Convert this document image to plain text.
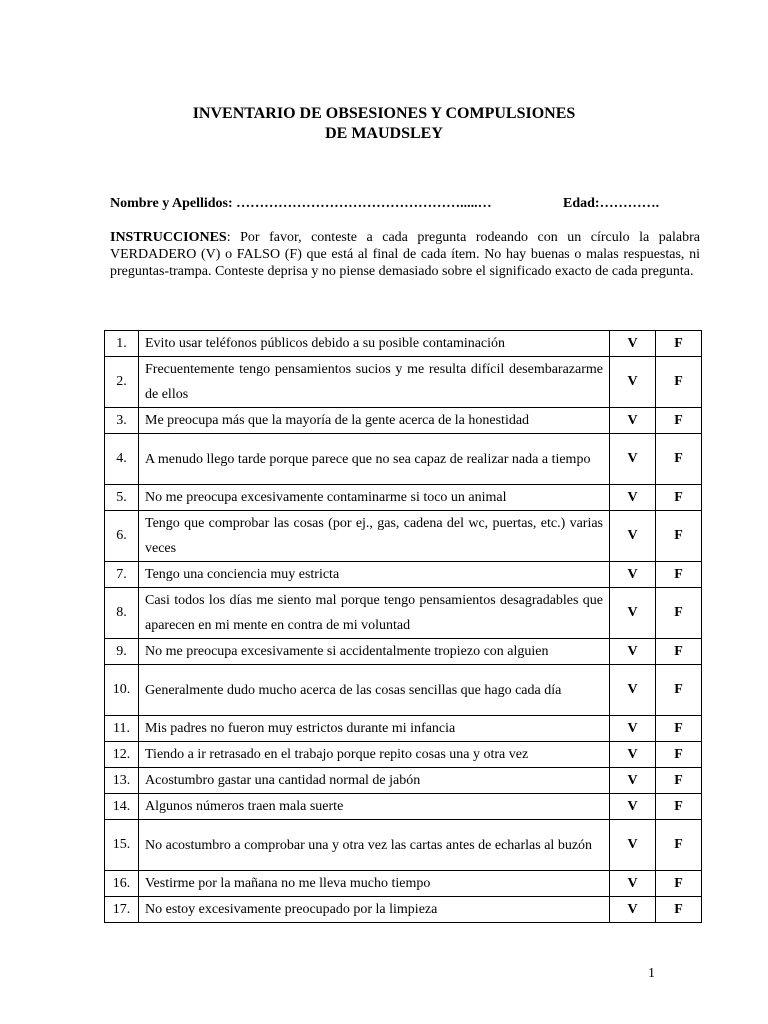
INVENTARIO DE OBSESIONES Y COMPULSIONES
DE MAUDSLEY
Nombre y Apellidos: ………………………………………….....…	Edad:………….
INSTRUCCIONES: Por favor, conteste a cada pregunta rodeando con un círculo la palabra VERDADERO (V) o FALSO (F) que está al final de cada ítem. No hay buenas o malas respuestas, ni preguntas-trampa. Conteste deprisa y no piense demasiado sobre el significado exacto de cada pregunta.
1.	Evito usar teléfonos públicos debido a su posible contaminación	V	F
2.	Frecuentemente tengo pensamientos sucios y me resulta difícil desembarazarme de ellos	V	F
3.	Me preocupa más que la mayoría de la gente acerca de la honestidad	V	F
4.	A menudo llego tarde porque parece que no sea capaz de realizar nada a tiempo	V	F
5.	No me preocupa excesivamente contaminarme si toco un animal	V	F
6.	Tengo que comprobar las cosas (por ej., gas, cadena del wc, puertas, etc.) varias veces	V	F
7.	Tengo una conciencia muy estricta	V	F
8.	Casi todos los días me siento mal porque tengo pensamientos desagradables que aparecen en mi mente en contra de mi voluntad	V	F
9.	No me preocupa excesivamente si accidentalmente tropiezo con alguien	V	F
10.	Generalmente dudo mucho acerca de las cosas sencillas que hago cada día	V	F
11.	Mis padres no fueron muy estrictos durante mi infancia	V	F
12.	Tiendo a ir retrasado en el trabajo porque repito cosas una y otra vez	V	F
13.	Acostumbro gastar una cantidad normal de jabón	V	F
14.	Algunos números traen mala suerte	V	F
15.	No acostumbro a comprobar una y otra vez las cartas antes de echarlas al buzón	V	F
16.	Vestirme por la mañana no me lleva mucho tiempo	V	F
17.	No estoy excesivamente preocupado por la limpieza	V	F
1
